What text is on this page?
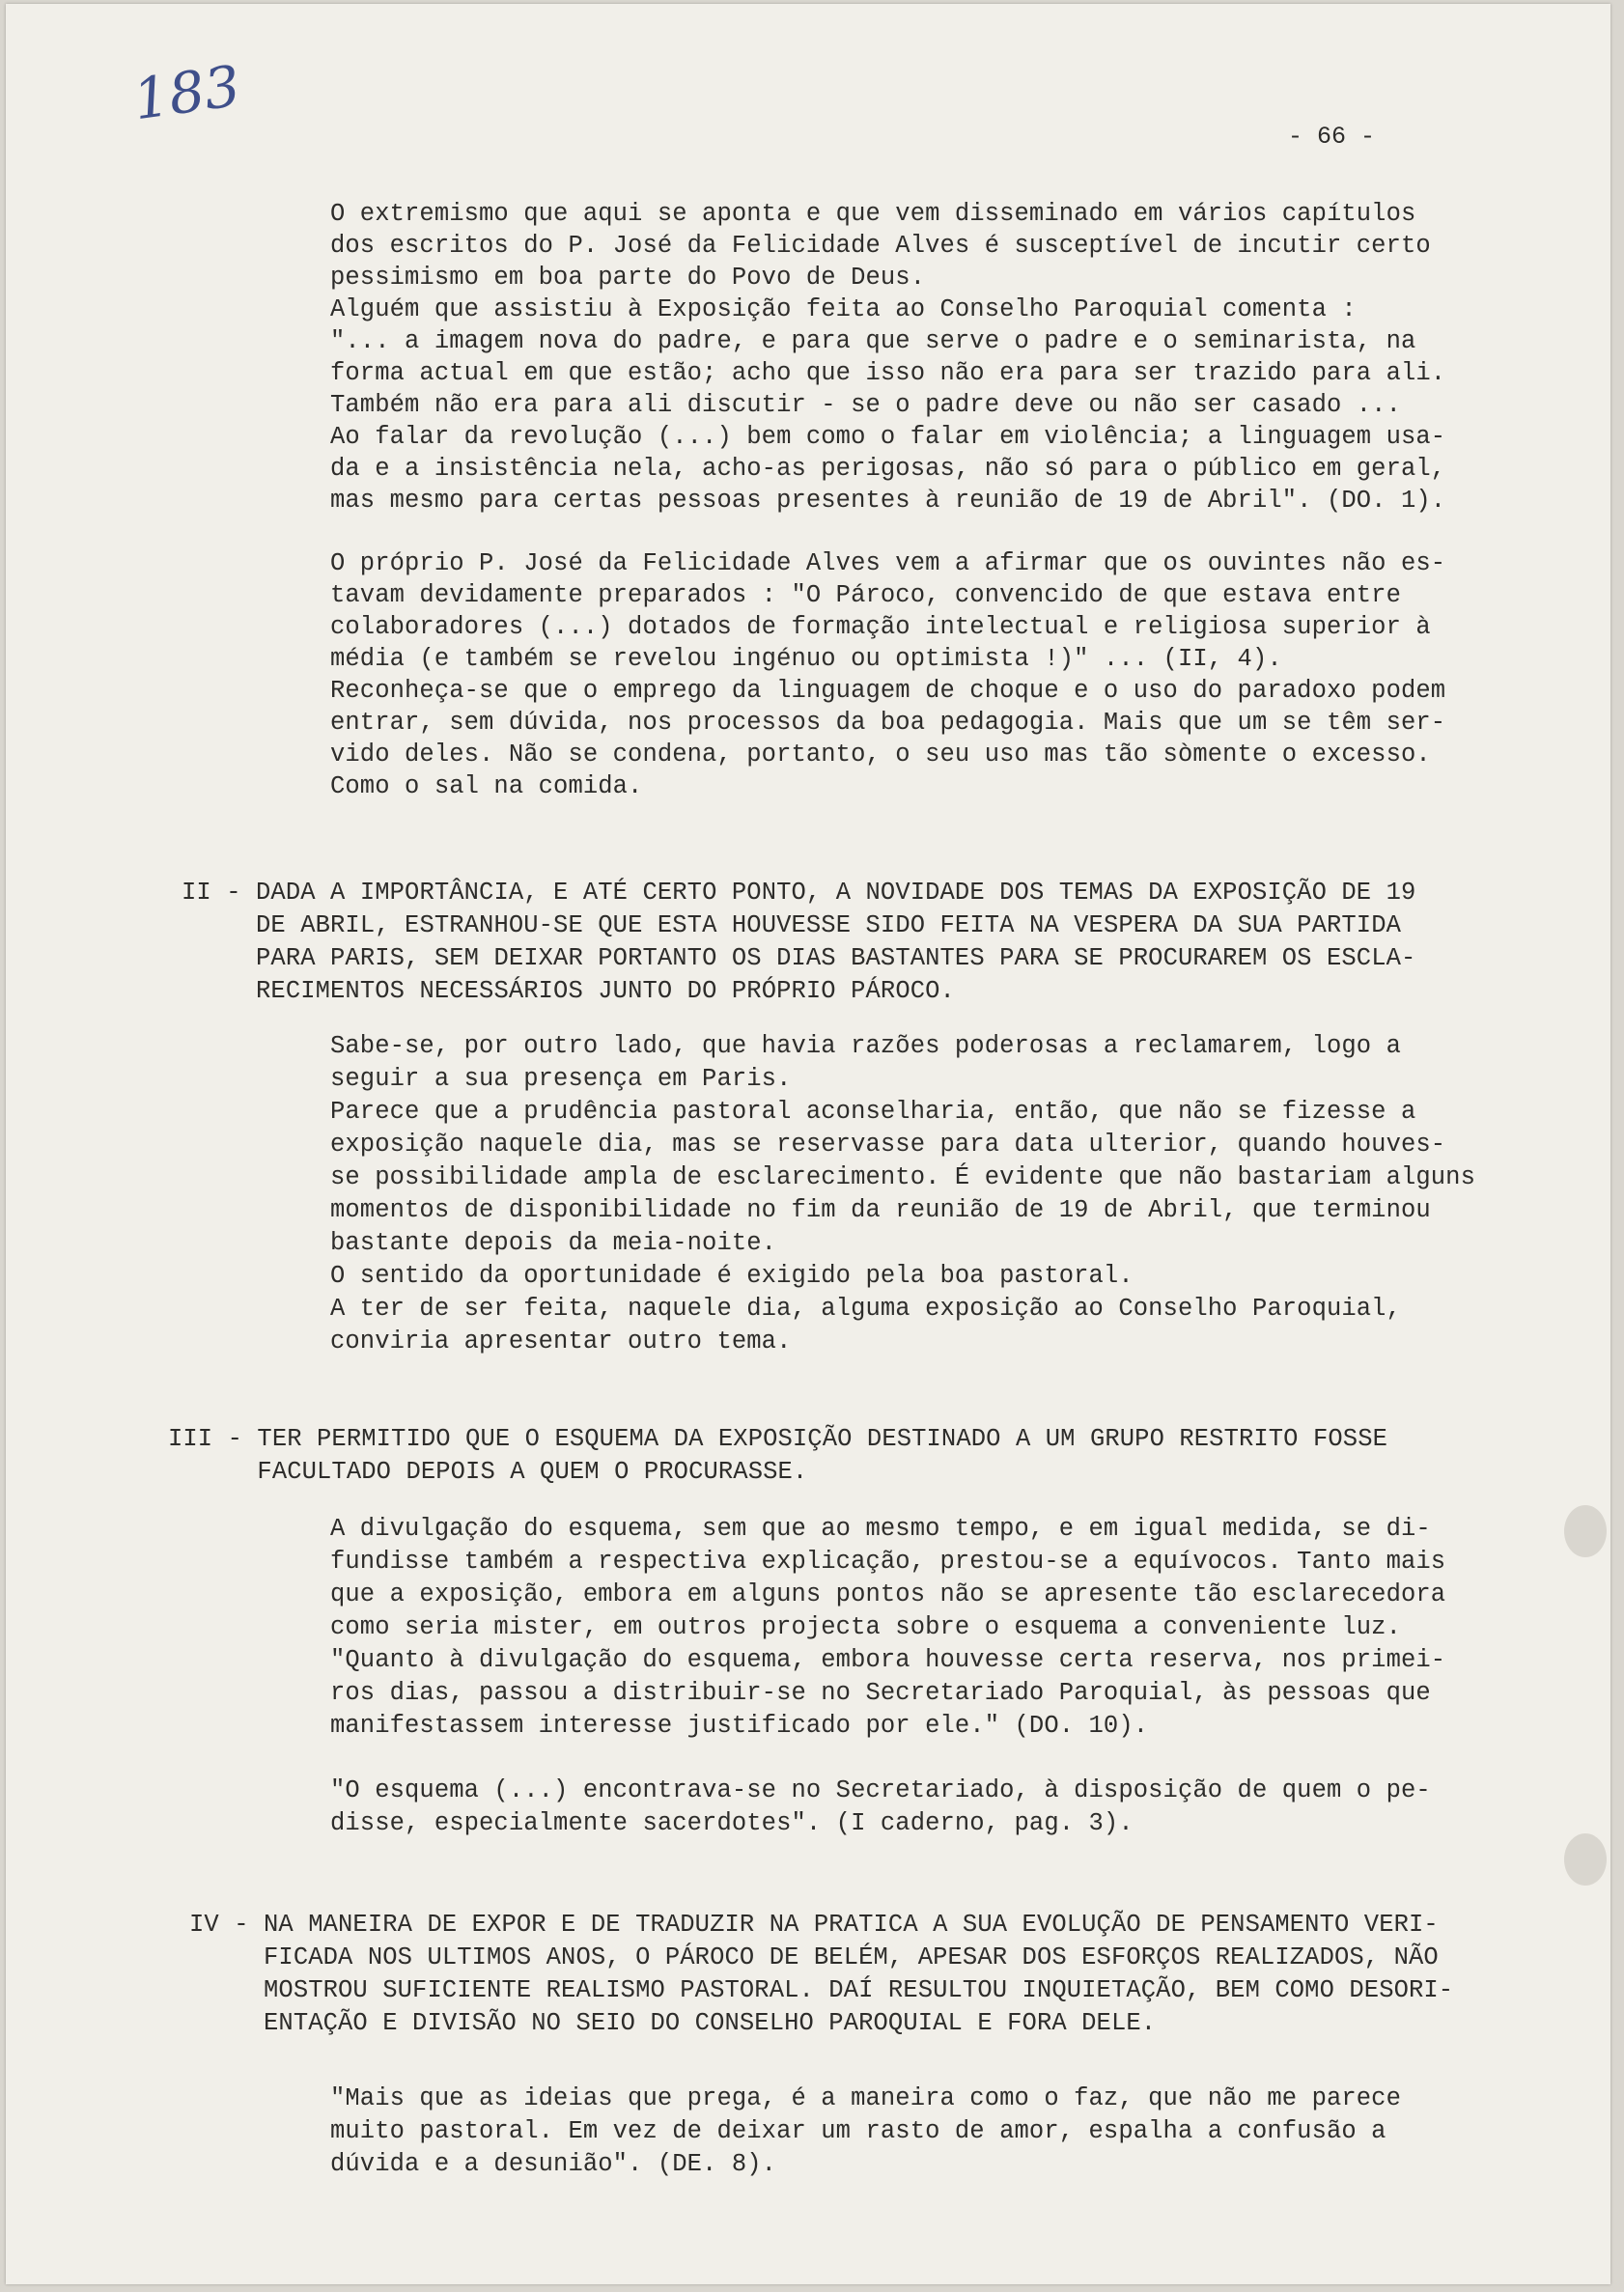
183
- 66 -
O extremismo que aqui se aponta e que vem disseminado em vários capítulos
dos escritos do P. José da Felicidade Alves é susceptível de incutir certo
pessimismo em boa parte do Povo de Deus.
Alguém que assistiu à Exposição feita ao Conselho Paroquial comenta :
"... a imagem nova do padre, e para que serve o padre e o seminarista, na
forma actual em que estão; acho que isso não era para ser trazido para ali.
Também não era para ali discutir - se o padre deve ou não ser casado ...
Ao falar da revolução (...) bem como o falar em violência; a linguagem usa-
da e a insistência nela, acho-as perigosas, não só para o público em geral,
mas mesmo para certas pessoas presentes à reunião de 19 de Abril". (DO. 1).
O próprio P. José da Felicidade Alves vem a afirmar que os ouvintes não es-
tavam devidamente preparados : "O Pároco, convencido de que estava entre
colaboradores (...) dotados de formação intelectual e religiosa superior à
média (e também se revelou ingénuo ou optimista !)" ... (II, 4).
Reconheça-se que o emprego da linguagem de choque e o uso do paradoxo podem
entrar, sem dúvida, nos processos da boa pedagogia. Mais que um se têm ser-
vido deles. Não se condena, portanto, o seu uso mas tão sòmente o excesso.
Como o sal na comida.
II - DADA A IMPORTÂNCIA, E ATÉ CERTO PONTO, A NOVIDADE DOS TEMAS DA EXPOSIÇÃO DE 19
DE ABRIL, ESTRANHOU-SE QUE ESTA HOUVESSE SIDO FEITA NA VESPERA DA SUA PARTIDA
PARA PARIS, SEM DEIXAR PORTANTO OS DIAS BASTANTES PARA SE PROCURAREM OS ESCLA-
RECIMENTOS NECESSÁRIOS JUNTO DO PRÓPRIO PÁROCO.
Sabe-se, por outro lado, que havia razões poderosas a reclamarem, logo a
seguir a sua presença em Paris.
Parece que a prudência pastoral aconselharia, então, que não se fizesse a
exposição naquele dia, mas se reservasse para data ulterior, quando houves-
se possibilidade ampla de esclarecimento. É evidente que não bastariam alguns
momentos de disponibilidade no fim da reunião de 19 de Abril, que terminou
bastante depois da meia-noite.
O sentido da oportunidade é exigido pela boa pastoral.
A ter de ser feita, naquele dia, alguma exposição ao Conselho Paroquial,
conviria apresentar outro tema.
III - TER PERMITIDO QUE O ESQUEMA DA EXPOSIÇÃO DESTINADO A UM GRUPO RESTRITO FOSSE
FACULTADO DEPOIS A QUEM O PROCURASSE.
A divulgação do esquema, sem que ao mesmo tempo, e em igual medida, se di-
fundisse também a respectiva explicação, prestou-se a equívocos. Tanto mais
que a exposição, embora em alguns pontos não se apresente tão esclarecedora
como seria mister, em outros projecta sobre o esquema a conveniente luz.
"Quanto à divulgação do esquema, embora houvesse certa reserva, nos primei-
ros dias, passou a distribuir-se no Secretariado Paroquial, às pessoas que
manifestassem interesse justificado por ele." (DO. 10).
"O esquema (...) encontrava-se no Secretariado, à disposição de quem o pe-
disse, especialmente sacerdotes". (I caderno, pag. 3).
IV - NA MANEIRA DE EXPOR E DE TRADUZIR NA PRATICA A SUA EVOLUÇÃO DE PENSAMENTO VERI-
FICADA NOS ULTIMOS ANOS, O PÁROCO DE BELÉM, APESAR DOS ESFORÇOS REALIZADOS, NÃO
MOSTROU SUFICIENTE REALISMO PASTORAL. DAÍ RESULTOU INQUIETAÇÃO, BEM COMO DESORI-
ENTAÇÃO E DIVISÃO NO SEIO DO CONSELHO PAROQUIAL E FORA DELE.
"Mais que as ideias que prega, é a maneira como o faz, que não me parece
muito pastoral. Em vez de deixar um rasto de amor, espalha a confusão a
dúvida e a desunião". (DE. 8).
